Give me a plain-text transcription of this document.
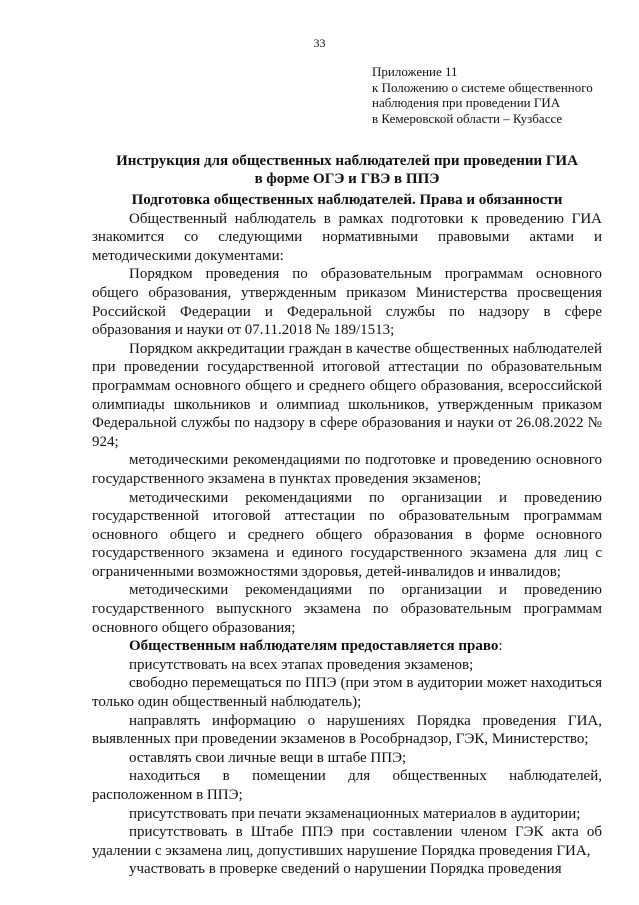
33
Приложение 11
к Положению о системе общественного
наблюдения при проведении ГИА
в Кемеровской области – Кузбассе
Инструкция для общественных наблюдателей при проведении ГИА
в форме ОГЭ и ГВЭ в ППЭ

Подготовка общественных наблюдателей. Права и обязанности

Общественный наблюдатель в рамках подготовки к проведению ГИА знакомится со следующими нормативными правовыми актами и методическими документами:

Порядком проведения по образовательным программам основного общего образования, утвержденным приказом Министерства просвещения Российской Федерации и Федеральной службы по надзору в сфере образования и науки от 07.11.2018 № 189/1513;

Порядком аккредитации граждан в качестве общественных наблюдателей при проведении государственной итоговой аттестации по образовательным программам основного общего и среднего общего образования, всероссийской олимпиады школьников и олимпиад школьников, утвержденным приказом Федеральной службы по надзору в сфере образования и науки от 26.08.2022 № 924;

методическими рекомендациями по подготовке и проведению основного государственного экзамена в пунктах проведения экзаменов;

методическими рекомендациями по организации и проведению государственной итоговой аттестации по образовательным программам основного общего и среднего общего образования в форме основного государственного экзамена и единого государственного экзамена для лиц с ограниченными возможностями здоровья, детей-инвалидов и инвалидов;

методическими рекомендациями по организации и проведению государственного выпускного экзамена по образовательным программам основного общего образования;

Общественным наблюдателям предоставляется право:

присутствовать на всех этапах проведения экзаменов;

свободно перемещаться по ППЭ (при этом в аудитории может находиться только один общественный наблюдатель);

направлять информацию о нарушениях Порядка проведения ГИА, выявленных при проведении экзаменов в Рособрнадзор, ГЭК, Министерство;

оставлять свои личные вещи в штабе ППЭ;

находиться в помещении для общественных наблюдателей, расположенном в ППЭ;

присутствовать при печати экзаменационных материалов в аудитории;

присутствовать в Штабе ППЭ при составлении членом ГЭК акта об удалении с экзамена лиц, допустивших нарушение Порядка проведения ГИА,

участвовать в проверке сведений о нарушении Порядка проведения
